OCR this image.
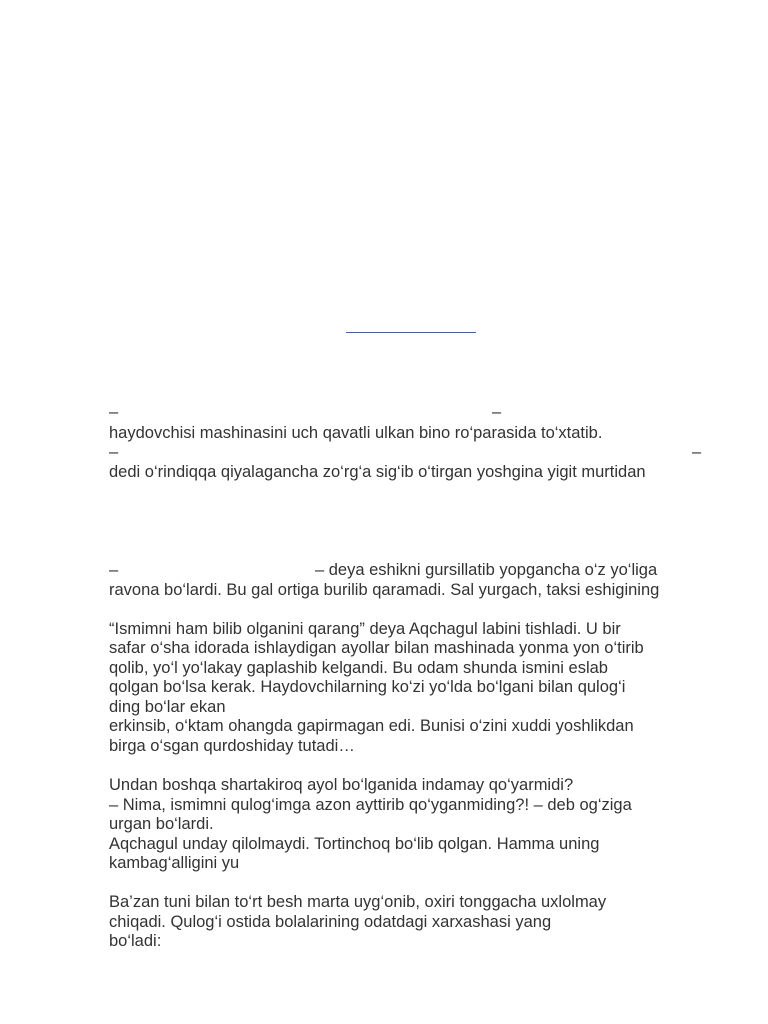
–	–
haydovchisi mashinasini uch qavatli ulkan bino ro‘parasida to‘xtatib.
–	–
dedi o‘rindiqqa qiyalagancha zo‘rg‘a sig‘ib o‘tirgan yoshgina yigit murtidan
–	– deya eshikni gursillatib yopgancha o‘z yo‘liga
ravona bo‘lardi. Bu gal ortiga burilib qaramadi. Sal yurgach, taksi eshigining
“Ismimni ham bilib olganini qarang” deya Aqchagul labini tishladi. U bir
safar o‘sha idorada ishlaydigan ayollar bilan mashinada yonma yon o‘tirib
qolib, yo‘l yo‘lakay gaplashib kelgandi. Bu odam shunda ismini eslab
qolgan bo‘lsa kerak. Haydovchilarning ko‘zi yo‘lda bo‘lgani bilan qulog‘i
ding bo‘lar ekan
erkinsib, o‘ktam ohangda gapirmagan edi. Bunisi o‘zini xuddi yoshlikdan
birga o‘sgan qurdoshiday tutadi…
Undan boshqa shartakiroq ayol bo‘lganida indamay qo‘yarmidi?
– Nima, ismimni qulog‘imga azon ayttirib qo‘yganmiding?! – deb og‘ziga
urgan bo‘lardi.
Aqchagul unday qilolmaydi. Tortinchoq bo‘lib qolgan. Hamma uning
kambag‘alligini yu
Ba’zan tuni bilan to‘rt besh marta uyg‘onib, oxiri tonggacha uxlolmay
chiqadi. Qulog‘i ostida bolalarining odatdagi xarxashasi yang
bo‘ladi:
